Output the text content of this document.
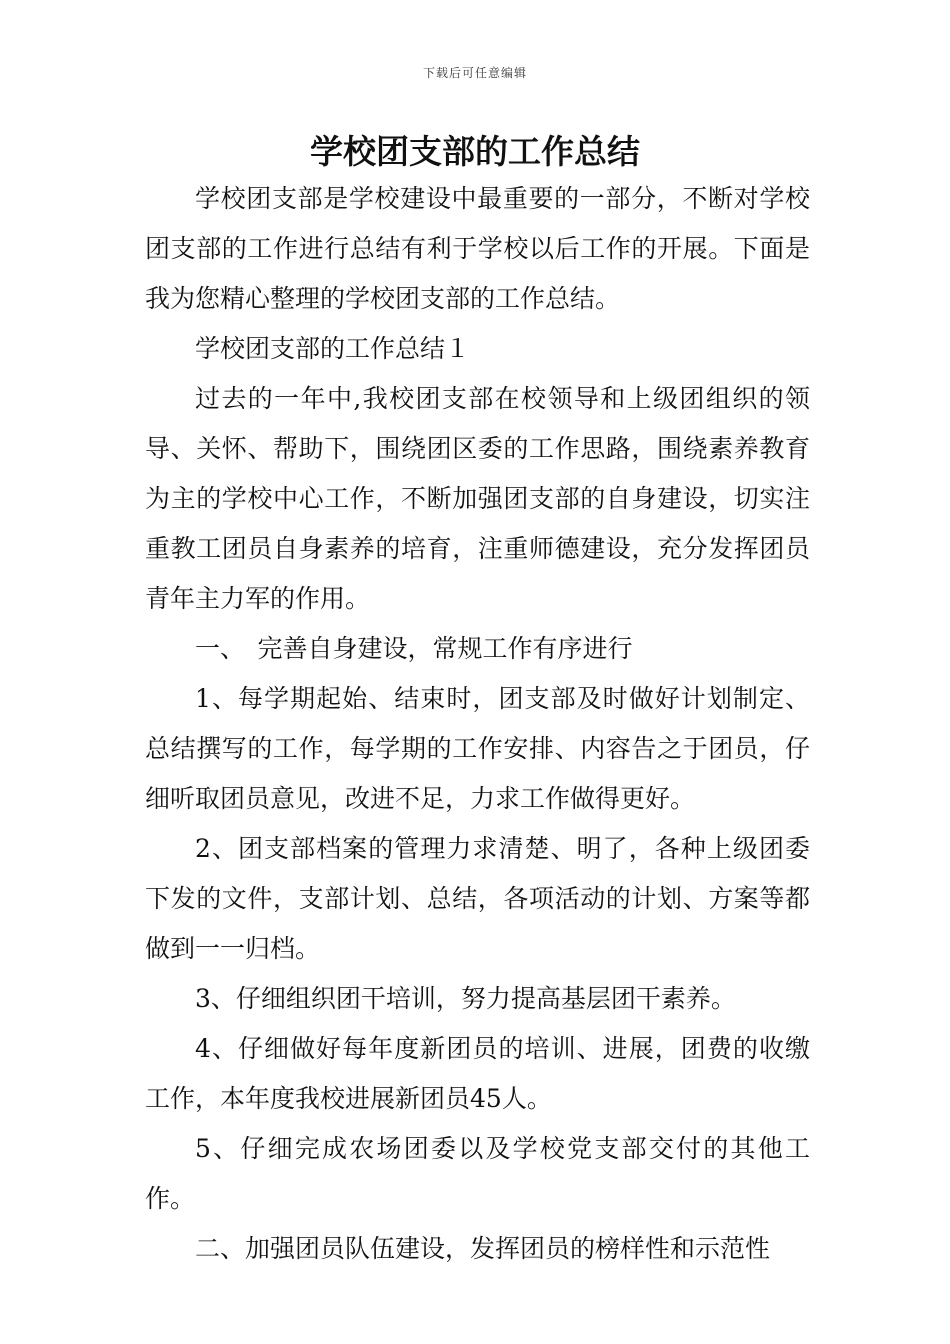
下载后可任意编辑
学校团支部的工作总结

学校团支部是学校建设中最重要的一部分，不断对学校团支部的工作进行总结有利于学校以后工作的开展。下面是我为您精心整理的学校团支部的工作总结。

学校团支部的工作总结１

过去的一年中,我校团支部在校领导和上级团组织的领导、关怀、帮助下，围绕团区委的工作思路，围绕素养教育为主的学校中心工作，不断加强团支部的自身建设，切实注重教工团员自身素养的培育，注重师德建设，充分发挥团员青年主力军的作用。

一、　完善自身建设，常规工作有序进行

1、每学期起始、结束时，团支部及时做好计划制定、总结撰写的工作，每学期的工作安排、内容告之于团员，仔细听取团员意见，改进不足，力求工作做得更好。

2、团支部档案的管理力求清楚、明了，各种上级团委下发的文件，支部计划、总结，各项活动的计划、方案等都做到一一归档。

3、仔细组织团干培训，努力提高基层团干素养。

4、仔细做好每年度新团员的培训、进展，团费的收缴工作，本年度我校进展新团员45人。

5、仔细完成农场团委以及学校党支部交付的其他工作。

二、加强团员队伍建设，发挥团员的榜样性和示范性
